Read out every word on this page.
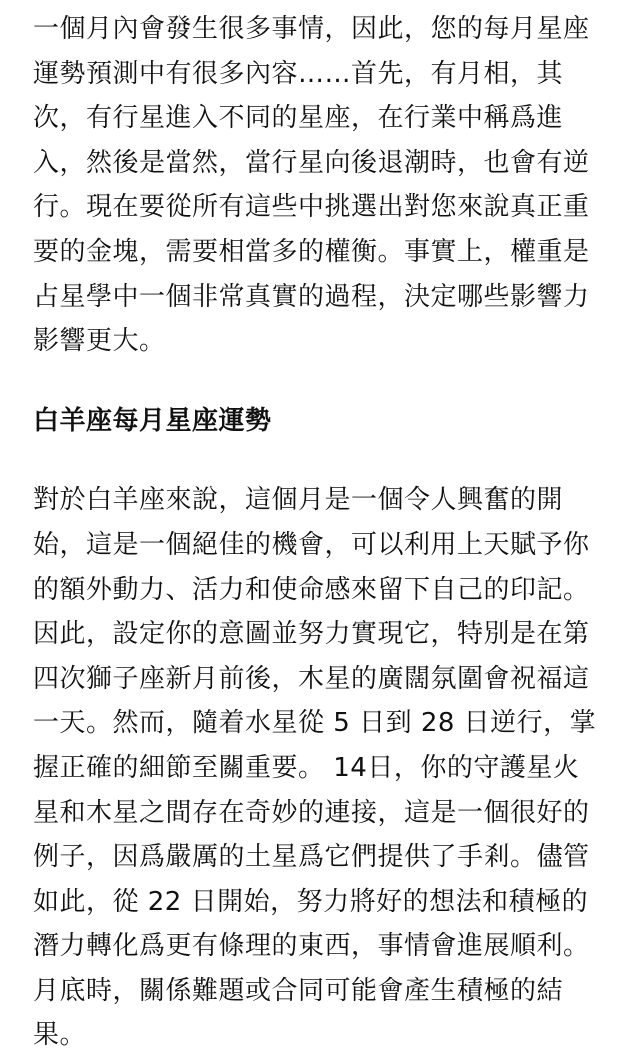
一個月內會發生很多事情，因此，您的每月星座運勢預測中有很多內容……首先，有月相，其次，有行星進入不同的星座，在行業中稱爲進入，然後是當然，當行星向後退潮時，也會有逆行。現在要從所有這些中挑選出對您來說真正重要的金塊，需要相當多的權衡。事實上，權重是占星學中一個非常真實的過程，決定哪些影響力影響更大。

白羊座每月星座運勢

對於白羊座來說，這個月是一個令人興奮的開始，這是一個絕佳的機會，可以利用上天賦予你的額外動力、活力和使命感來留下自己的印記。因此，設定你的意圖並努力實現它，特別是在第四次獅子座新月前後，木星的廣闊氛圍會祝福這一天。然而，隨着水星從 5 日到 28 日逆行，掌握正確的細節至關重要。 14日，你的守護星火星和木星之間存在奇妙的連接，這是一個很好的例子，因爲嚴厲的土星爲它們提供了手剎。儘管如此，從 22 日開始，努力將好的想法和積極的潛力轉化爲更有條理的東西，事情會進展順利。月底時，關係難題或合同可能會產生積極的結果。
